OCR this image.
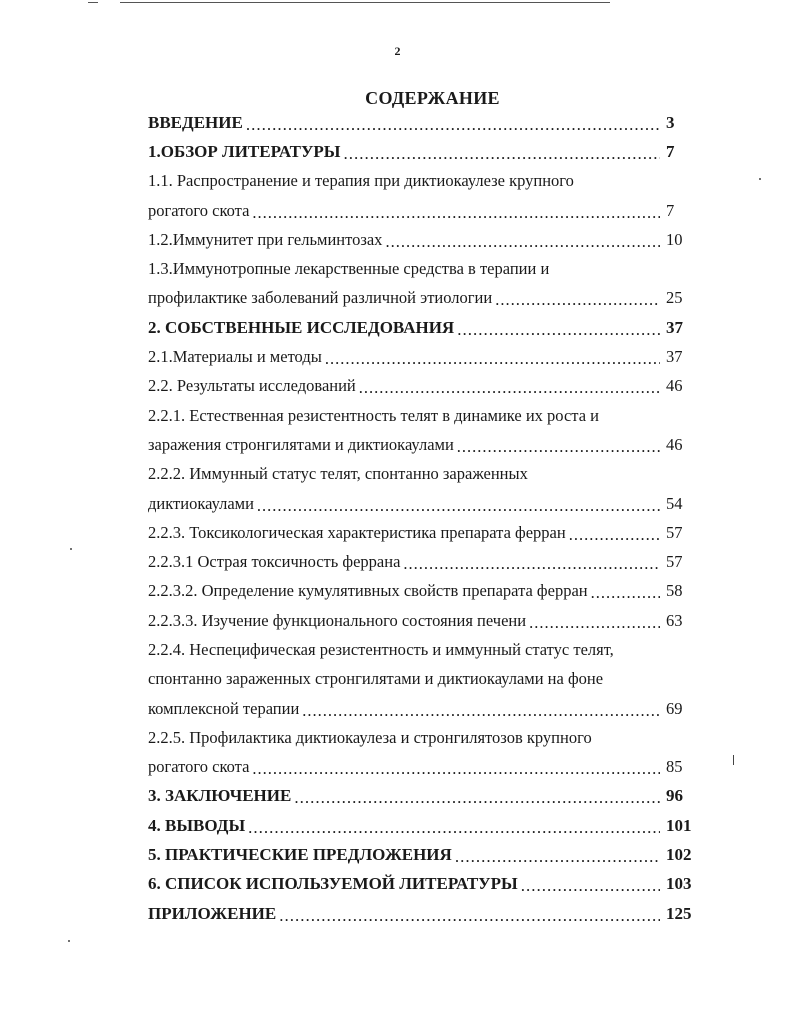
2
СОДЕРЖАНИЕ
ВВЕДЕНИЕ .....	3
1.ОБЗОР ЛИТЕРАТУРЫ .....	7
1.1. Распространение и терапия при диктиокаулезе крупного
рогатого скота .....	7
1.2.Иммунитет при гельминтозах .....	10
1.3.Иммунотропные лекарственные средства в терапии и
профилактике заболеваний различной этиологии .....	25
2. СОБСТВЕННЫЕ ИССЛЕДОВАНИЯ .....	37
2.1.Материалы и методы .....	37
2.2. Результаты исследований .....	46
2.2.1. Естественная резистентность телят в динамике их роста и
заражения стронгилятами и диктиокаулами .....	46
2.2.2. Иммунный статус телят, спонтанно зараженных
диктиокаулами .....	54
2.2.3. Токсикологическая характеристика препарата ферран .....	57
2.2.3.1 Острая токсичность феррана .....	57
2.2.3.2. Определение кумулятивных свойств препарата ферран .....	58
2.2.3.3. Изучение функционального состояния печени .....	63
2.2.4. Неспецифическая резистентность и иммунный статус телят,
спонтанно зараженных стронгилятами и диктиокаулами на фоне
комплексной терапии .....	69
2.2.5. Профилактика диктиокаулеза и стронгилятозов крупного
рогатого скота .....	85
3. ЗАКЛЮЧЕНИЕ .....	96
4. ВЫВОДЫ .....	101
5. ПРАКТИЧЕСКИЕ ПРЕДЛОЖЕНИЯ .....	102
6. СПИСОК ИСПОЛЬЗУЕМОЙ ЛИТЕРАТУРЫ .....	103
ПРИЛОЖЕНИЕ .....	125
